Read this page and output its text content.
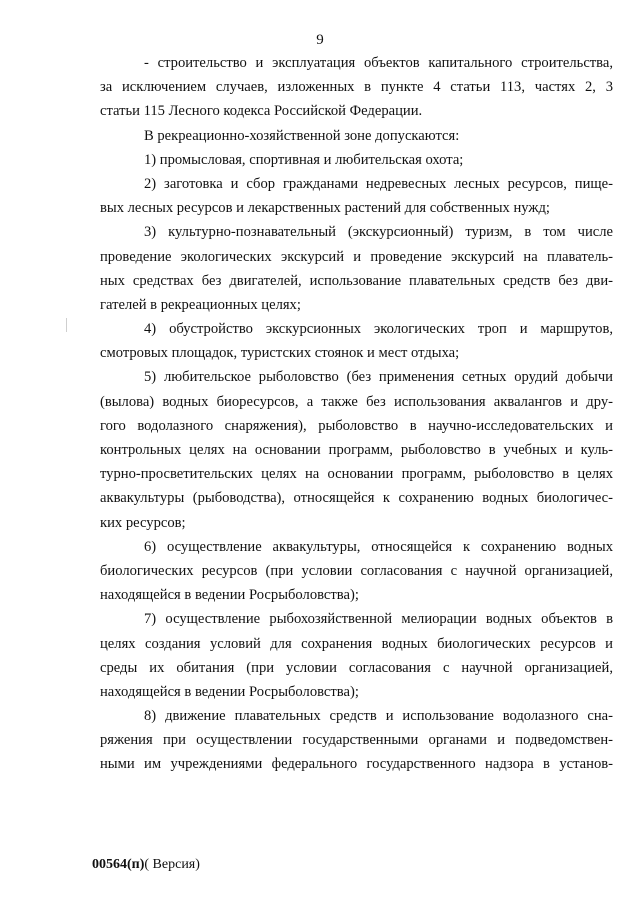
9
- строительство и эксплуатация объектов капитального строительства,
за исключением случаев, изложенных в пункте 4 статьи 113, частях 2, 3
статьи 115 Лесного кодекса Российской Федерации.
В рекреационно-хозяйственной зоне допускаются:
1) промысловая, спортивная и любительская охота;
2) заготовка и сбор гражданами недревесных лесных ресурсов, пище-
вых лесных ресурсов и лекарственных растений для собственных нужд;
3) культурно-познавательный (экскурсионный) туризм, в том числе
проведение экологических экскурсий и проведение экскурсий на плаватель-
ных средствах без двигателей, использование плавательных средств без дви-
гателей в рекреационных целях;
4) обустройство экскурсионных экологических троп и маршрутов,
смотровых площадок, туристских стоянок и мест отдыха;
5) любительское рыболовство (без применения сетных орудий добычи
(вылова) водных биоресурсов, а также без использования аквалангов и дру-
гого водолазного снаряжения), рыболовство в научно-исследовательских и
контрольных целях на основании программ, рыболовство в учебных и куль-
турно-просветительских целях на основании программ, рыболовство в целях
аквакультуры (рыбоводства), относящейся к сохранению водных биологичес-
ких ресурсов;
6) осуществление аквакультуры, относящейся к сохранению водных
биологических ресурсов (при условии согласования с научной организацией,
находящейся в ведении Росрыболовства);
7) осуществление рыбохозяйственной мелиорации водных объектов в
целях создания условий для сохранения водных биологических ресурсов и
среды их обитания (при условии согласования с научной организацией,
находящейся в ведении Росрыболовства);
8) движение плавательных средств и использование водолазного сна-
ряжения при осуществлении государственными органами и подведомствен-
ными им учреждениями федерального государственного надзора в установ-
00564(п)( Версия)
